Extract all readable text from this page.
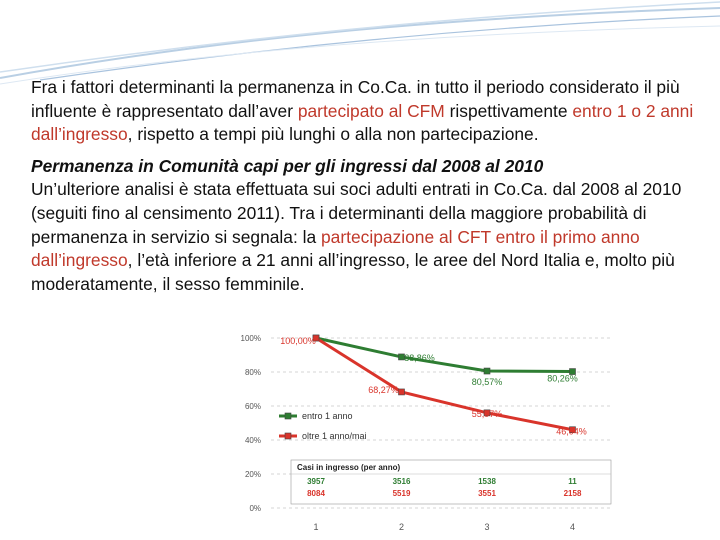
Fra i fattori determinanti la permanenza in Co.Ca. in tutto il periodo considerato il più influente è rappresentato dall’aver partecipato al CFM rispettivamente entro 1 o 2 anni dall’ingresso, rispetto a tempi più lunghi o alla non partecipazione.

Permanenza in Comunità capi per gli ingressi dal 2008 al 2010
Un’ulteriore analisi è stata effettuata sui soci adulti entrati in Co.Ca. dal 2008 al 2010 (seguiti fino al censimento 2011). Tra i determinanti della maggiore probabilità di permanenza in servizio si segnala: la partecipazione al CFT entro il primo anno dall’ingresso, l’età inferiore a 21 anni all’ingresso, le aree del Nord Italia e, molto più moderatamente, il sesso femminile.

0%
20%
40%
60%
80%
100%
1	2	3	4
Casi in ingresso (per anno)
3957	3516	1538	11
8084	5519	3551	2158
88,86%
80,57%	80,26%
100,00%
68,27%
55,97%
46,04%
entro 1 anno
oltre 1 anno/mai
